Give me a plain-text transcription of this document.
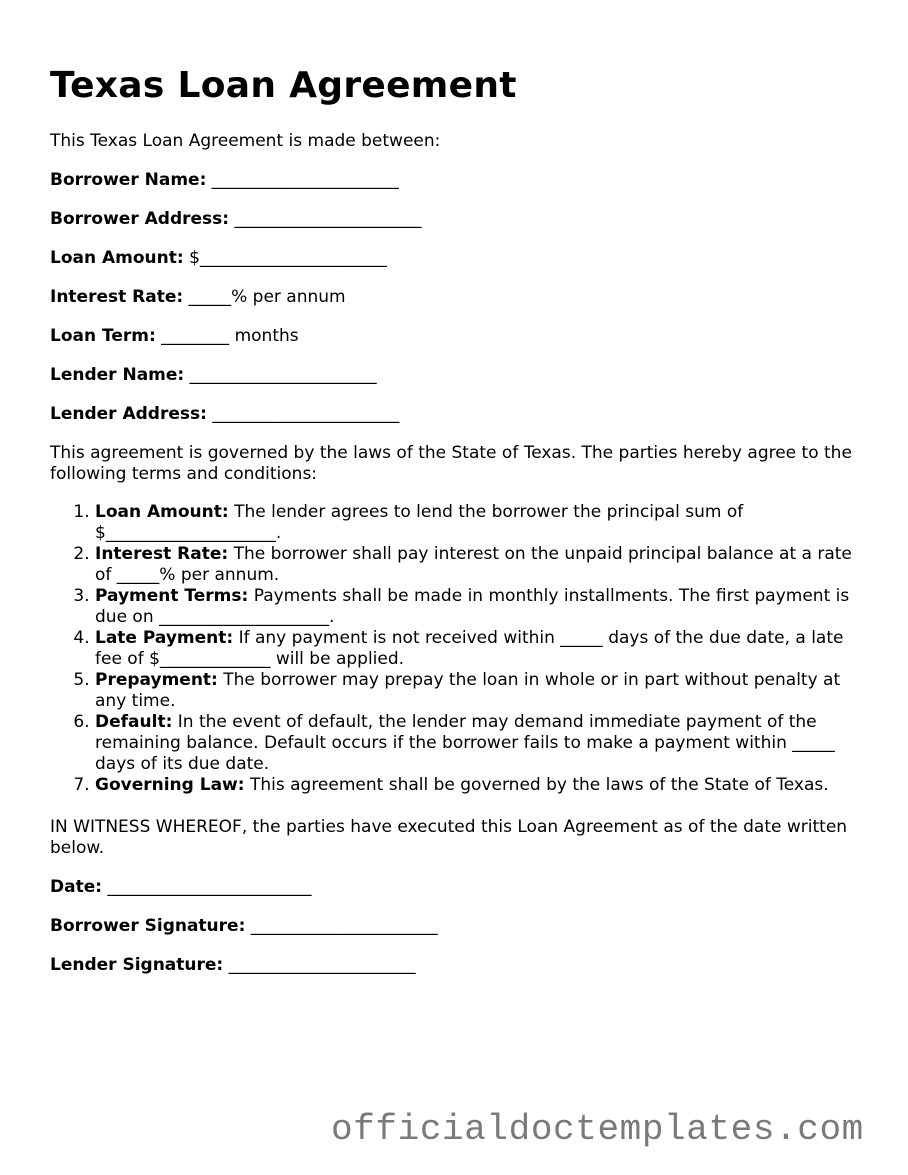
Texas Loan Agreement

This Texas Loan Agreement is made between:

Borrower Name: ______________________

Borrower Address: ______________________

Loan Amount: $______________________

Interest Rate: _____% per annum

Loan Term: ________ months

Lender Name: ______________________

Lender Address: ______________________

This agreement is governed by the laws of the State of Texas. The parties hereby agree to the following terms and conditions:

1. Loan Amount: The lender agrees to lend the borrower the principal sum of $____________________.
2. Interest Rate: The borrower shall pay interest on the unpaid principal balance at a rate of _____% per annum.
3. Payment Terms: Payments shall be made in monthly installments. The first payment is due on ____________________.
4. Late Payment: If any payment is not received within _____ days of the due date, a late fee of $_____________ will be applied.
5. Prepayment: The borrower may prepay the loan in whole or in part without penalty at any time.
6. Default: In the event of default, the lender may demand immediate payment of the remaining balance. Default occurs if the borrower fails to make a payment within _____ days of its due date.
7. Governing Law: This agreement shall be governed by the laws of the State of Texas.

IN WITNESS WHEREOF, the parties have executed this Loan Agreement as of the date written below.

Date: ________________________

Borrower Signature: ______________________

Lender Signature: ______________________

officialdoctemplates.com
